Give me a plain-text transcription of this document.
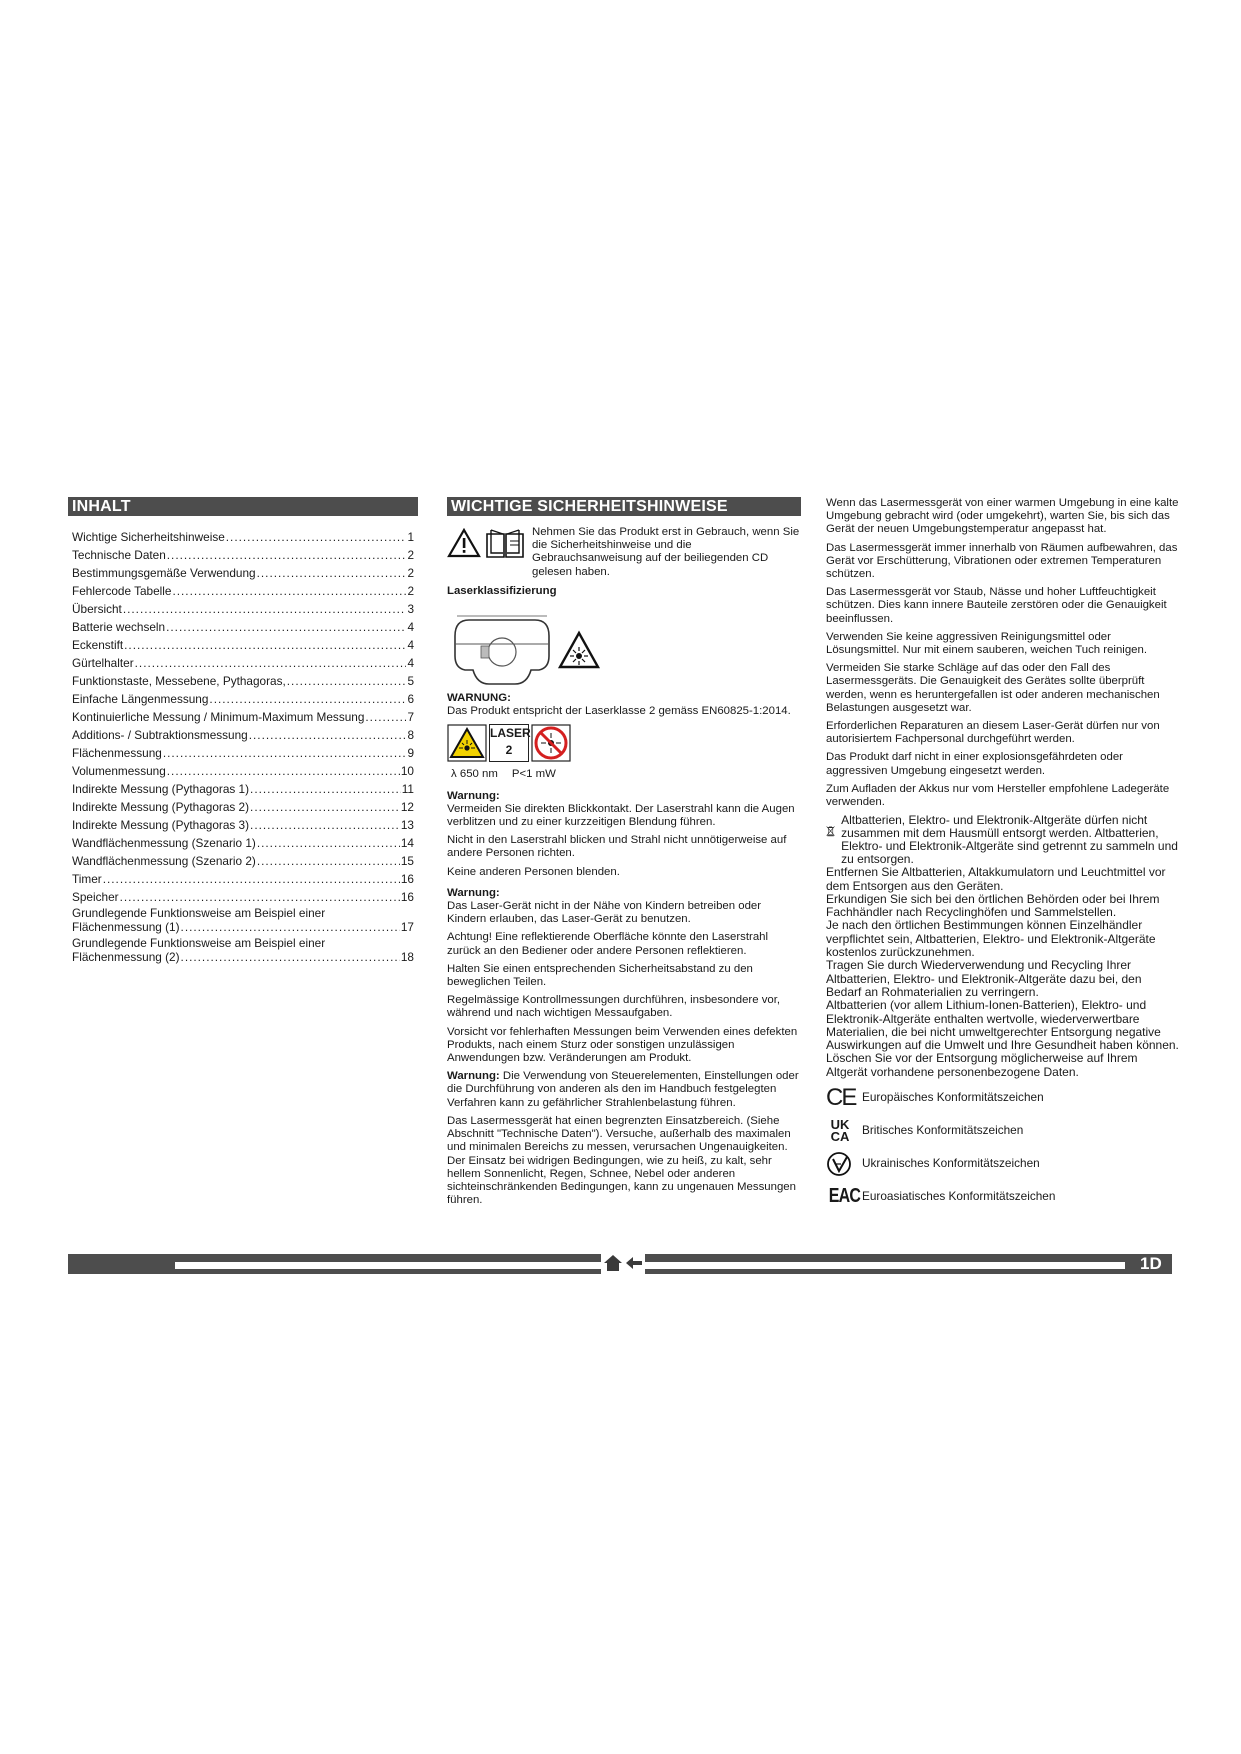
INHALT
Wichtige Sicherheitshinweise .....	1
Technische Daten .....	2
Bestimmungsgemäße Verwendung .....	2
Fehlercode Tabelle .....	2
Übersicht .....	3
Batterie wechseln .....	4
Eckenstift .....	4
Gürtelhalter .....	4
Funktionstaste, Messebene, Pythagoras, .....	5
Einfache Längenmessung .....	6
Kontinuierliche Messung / Minimum-Maximum Messung .....	7
Additions- / Subtraktionsmessung .....	8
Flächenmessung .....	9
Volumenmessung .....	10
Indirekte Messung (Pythagoras 1) .....	11
Indirekte Messung (Pythagoras 2) .....	12
Indirekte Messung (Pythagoras 3) .....	13
Wandflächenmessung (Szenario 1) .....	14
Wandflächenmessung (Szenario 2) .....	15
Timer .....	16
Speicher .....	16
Grundlegende Funktionsweise am Beispiel einer
Flächenmessung (1) .....	17
Grundlegende Funktionsweise am Beispiel einer
Flächenmessung (2) .....	18
WICHTIGE SICHERHEITSHINWEISE
Nehmen Sie das Produkt erst in Gebrauch, wenn Sie die Sicherheitshinweise und die Gebrauchsanweisung auf der beiliegenden CD gelesen haben.
Laserklassifizierung
WARNUNG:
Das Produkt entspricht der Laserklasse 2 gemäss EN60825-1:2014.
LASER
2
λ 650 nm P<1 mW
Warnung:
Vermeiden Sie direkten Blickkontakt. Der Laserstrahl kann die Augen verblitzen und zu einer kurzzeitigen Blendung führen.
Nicht in den Laserstrahl blicken und Strahl nicht unnötigerweise auf andere Personen richten.
Keine anderen Personen blenden.
Warnung:
Das Laser-Gerät nicht in der Nähe von Kindern betreiben oder Kindern erlauben, das Laser-Gerät zu benutzen.
Achtung! Eine reflektierende Oberfläche könnte den Laserstrahl zurück an den Bediener oder andere Personen reflektieren.
Halten Sie einen entsprechenden Sicherheitsabstand zu den beweglichen Teilen.
Regelmässige Kontrollmessungen durchführen, insbesondere vor, während und nach wichtigen Messaufgaben.
Vorsicht vor fehlerhaften Messungen beim Verwenden eines defekten Produkts, nach einem Sturz oder sonstigen unzulässigen Anwendungen bzw. Veränderungen am Produkt.
Warnung: Die Verwendung von Steuerelementen, Einstellungen oder die Durchführung von anderen als den im Handbuch festgelegten Verfahren kann zu gefährlicher Strahlenbelastung führen.
Das Lasermessgerät hat einen begrenzten Einsatzbereich. (Siehe Abschnitt "Technische Daten"). Versuche, außerhalb des maximalen und minimalen Bereichs zu messen, verursachen Ungenauigkeiten. Der Einsatz bei widrigen Bedingungen, wie zu heiß, zu kalt, sehr hellem Sonnenlicht, Regen, Schnee, Nebel oder anderen sichteinschränkenden Bedingungen, kann zu ungenauen Messungen führen.
Wenn das Lasermessgerät von einer warmen Umgebung in eine kalte Umgebung gebracht wird (oder umgekehrt), warten Sie, bis sich das Gerät der neuen Umgebungstemperatur angepasst hat.
Das Lasermessgerät immer innerhalb von Räumen aufbewahren, das Gerät vor Erschütterung, Vibrationen oder extremen Temperaturen schützen.
Das Lasermessgerät vor Staub, Nässe und hoher Luftfeuchtigkeit schützen. Dies kann innere Bauteile zerstören oder die Genauigkeit beeinflussen.
Verwenden Sie keine aggressiven Reinigungsmittel oder Lösungsmittel. Nur mit einem sauberen, weichen Tuch reinigen.
Vermeiden Sie starke Schläge auf das oder den Fall des Lasermessgeräts. Die Genauigkeit des Gerätes sollte überprüft werden, wenn es heruntergefallen ist oder anderen mechanischen Belastungen ausgesetzt war.
Erforderlichen Reparaturen an diesem Laser-Gerät dürfen nur von autorisiertem Fachpersonal durchgeführt werden.
Das Produkt darf nicht in einer explosionsgefährdeten oder aggressiven Umgebung eingesetzt werden.
Zum Aufladen der Akkus nur vom Hersteller empfohlene Ladegeräte verwenden.
Altbatterien, Elektro- und Elektronik-Altgeräte dürfen nicht zusammen mit dem Hausmüll entsorgt werden. Altbatterien, Elektro- und Elektronik-Altgeräte sind getrennt zu sammeln und zu entsorgen.
Entfernen Sie Altbatterien, Altakkumulatorn und Leuchtmittel vor dem Entsorgen aus den Geräten.
Erkundigen Sie sich bei den örtlichen Behörden oder bei Ihrem Fachhändler nach Recyclinghöfen und Sammelstellen.
Je nach den örtlichen Bestimmungen können Einzelhändler verpflichtet sein, Altbatterien, Elektro- und Elektronik-Altgeräte kostenlos zurückzunehmen.
Tragen Sie durch Wiederverwendung und Recycling Ihrer Altbatterien, Elektro- und Elektronik-Altgeräte dazu bei, den Bedarf an Rohmaterialien zu verringern.
Altbatterien (vor allem Lithium-Ionen-Batterien), Elektro- und Elektronik-Altgeräte enthalten wertvolle, wiederverwertbare Materialien, die bei nicht umweltgerechter Entsorgung negative Auswirkungen auf die Umwelt und Ihre Gesundheit haben können.
Löschen Sie vor der Entsorgung möglicherweise auf Ihrem Altgerät vorhandene personenbezogene Daten.
CE Europäisches Konformitätszeichen
UK CA	Britisches Konformitätszeichen
Ukrainisches Konformitätszeichen
EAC Euroasiatisches Konformitätszeichen
1D
